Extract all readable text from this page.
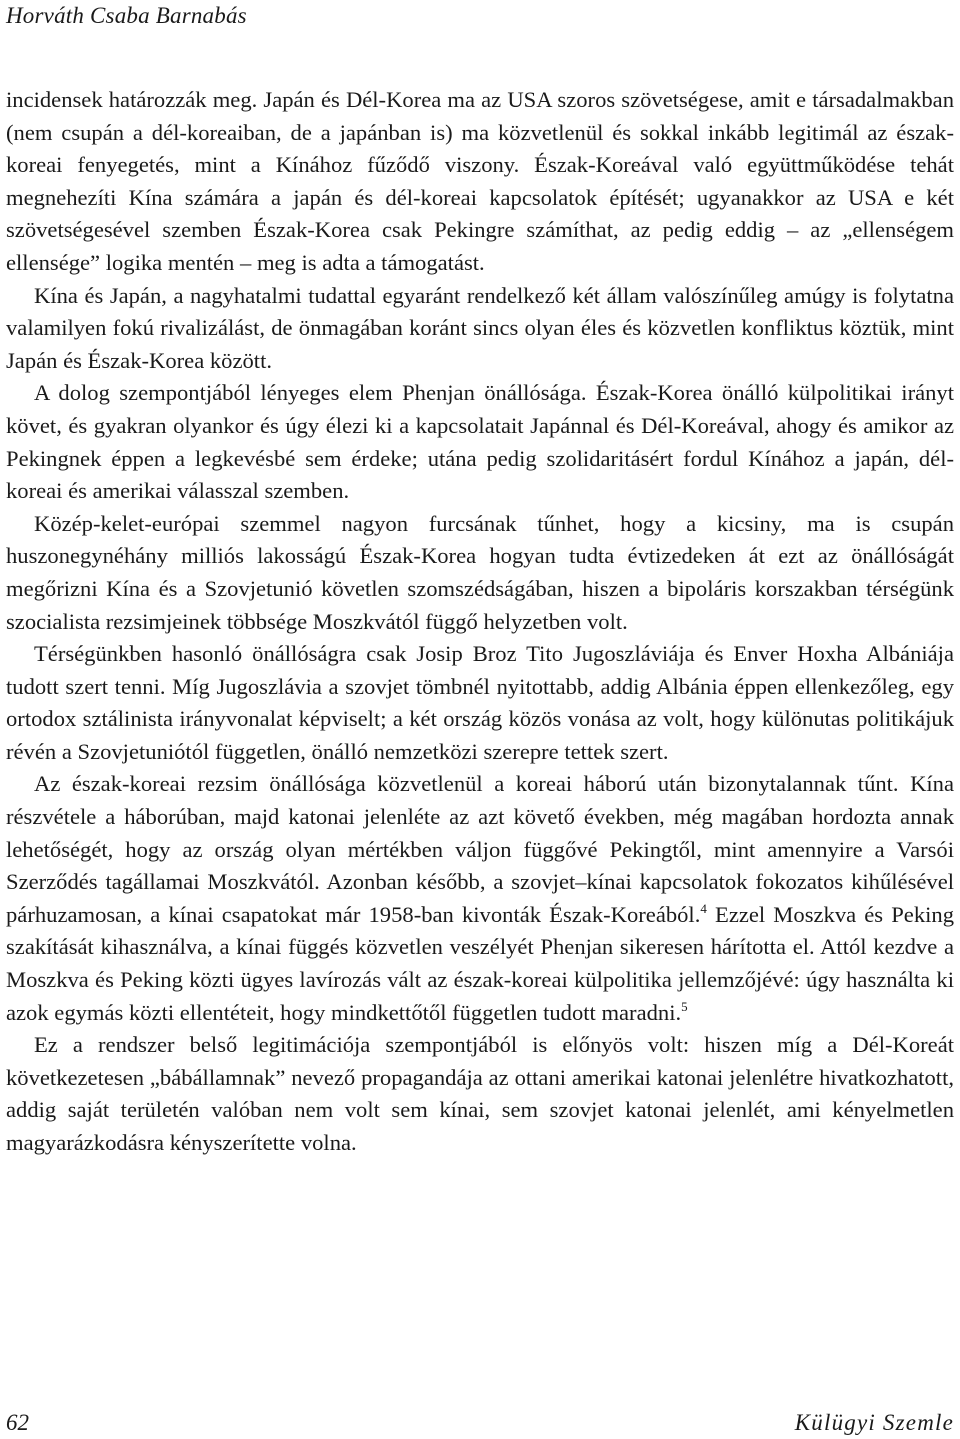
Horváth Csaba Barnabás

incidensek határozzák meg. Japán és Dél-Korea ma az USA szoros szövetségese, amit e társadalmakban (nem csupán a dél-koreaiban, de a japánban is) ma közvetlenül és sokkal inkább legitimál az észak-koreai fenyegetés, mint a Kínához fűződő viszony. Észak-Koreával való együttműködése tehát megnehezíti Kína számára a japán és dél-koreai kapcsolatok építését; ugyanakkor az USA e két szövetségesével szemben Észak-Korea csak Pekingre számíthat, az pedig eddig – az „ellenségem ellensége” logika mentén – meg is adta a támogatást.

Kína és Japán, a nagyhatalmi tudattal egyaránt rendelkező két állam valószínűleg amúgy is folytatna valamilyen fokú rivalizálást, de önmagában koránt sincs olyan éles és közvetlen konfliktus köztük, mint Japán és Észak-Korea között.

A dolog szempontjából lényeges elem Phenjan önállósága. Észak-Korea önálló külpolitikai irányt követ, és gyakran olyankor és úgy élezi ki a kapcsolatait Japánnal és Dél-Koreával, ahogy és amikor az Pekingnek éppen a legkevésbé sem érdeke; utána pedig szolidaritásért fordul Kínához a japán, dél-koreai és amerikai válasszal szemben.

Közép-kelet-európai szemmel nagyon furcsának tűnhet, hogy a kicsiny, ma is csupán huszonegynéhány milliós lakosságú Észak-Korea hogyan tudta évtizedeken át ezt az önállóságát megőrizni Kína és a Szovjetunió követlen szomszédságában, hiszen a bipoláris korszakban térségünk szocialista rezsimjeinek többsége Moszkvától függő helyzetben volt.

Térségünkben hasonló önállóságra csak Josip Broz Tito Jugoszláviája és Enver Hoxha Albániája tudott szert tenni. Míg Jugoszlávia a szovjet tömbnél nyitottabb, addig Albánia éppen ellenkezőleg, egy ortodox sztálinista irányvonalat képviselt; a két ország közös vonása az volt, hogy különutas politikájuk révén a Szovjetuniótól független, önálló nemzetközi szerepre tettek szert.

Az észak-koreai rezsim önállósága közvetlenül a koreai háború után bizonytalannak tűnt. Kína részvétele a háborúban, majd katonai jelenléte az azt követő években, még magában hordozta annak lehetőségét, hogy az ország olyan mértékben váljon függővé Pekingtől, mint amennyire a Varsói Szerződés tagállamai Moszkvától. Azonban később, a szovjet–kínai kapcsolatok fokozatos kihűlésével párhuzamosan, a kínai csapatokat már 1958-ban kivonták Észak-Koreából.$^4$ Ezzel Moszkva és Peking szakítását kihasználva, a kínai függés közvetlen veszélyét Phenjan sikeresen hárította el. Attól kezdve a Moszkva és Peking közti ügyes lavírozás vált az észak-koreai külpolitika jellemzőjévé: úgy használta ki azok egymás közti ellentéteit, hogy mindkettőtől független tudott maradni.$^5$

Ez a rendszer belső legitimációja szempontjából is előnyös volt: hiszen míg a Dél-Koreát következetesen „bábállamnak” nevező propagandája az ottani amerikai katonai jelenlétre hivatkozhatott, addig saját területén valóban nem volt sem kínai, sem szovjet katonai jelenlét, ami kényelmetlen magyarázkodásra kényszerítette volna.

62	Külügyi Szemle
